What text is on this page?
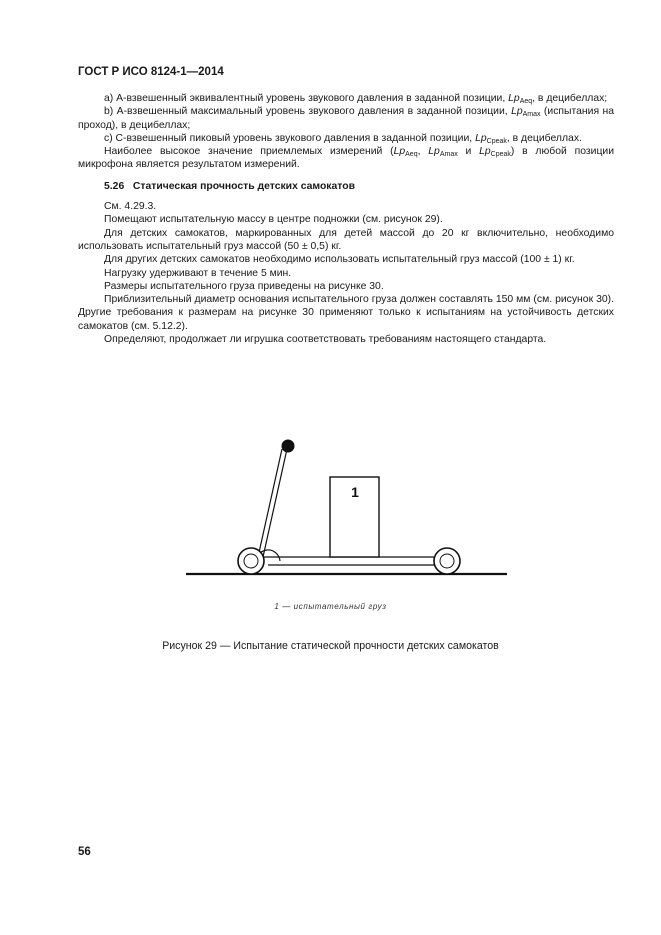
ГОСТ Р ИСО 8124-1—2014

а) А-взвешенный эквивалентный уровень звукового давления в заданной позиции, $Lp_{Aeq}$, в децибеллах;

b) А-взвешенный максимальный уровень звукового давления в заданной позиции, $Lp_{Amax}$ (испытания на проход), в децибеллах;

c) С-взвешенный пиковый уровень звукового давления в заданной позиции, $Lp_{Cpeak}$, в децибеллах.

Наиболее высокое значение приемлемых измерений ($Lp_{Aeq}$, $Lp_{Amax}$ и $Lp_{Cpeak}$) в любой позиции микрофона является результатом измерений.

5.26 Статическая прочность детских самокатов

См. 4.29.3.

Помещают испытательную массу в центре подножки (см. рисунок 29).

Для детских самокатов, маркированных для детей массой до 20 кг включительно, необходимо использовать испытательный груз массой (50 ± 0,5) кг.

Для других детских самокатов необходимо использовать испытательный груз массой (100 ± 1) кг.

Нагрузку удерживают в течение 5 мин.

Размеры испытательного груза приведены на рисунке 30.

Приблизительный диаметр основания испытательного груза должен составлять 150 мм (см. рисунок 30). Другие требования к размерам на рисунке 30 применяют только к испытаниям на устойчивость детских самокатов (см. 5.12.2).

Определяют, продолжает ли игрушка соответствовать требованиям настоящего стандарта.

1
1 — испытательный груз
Рисунок 29 — Испытание статической прочности детских самокатов
56
